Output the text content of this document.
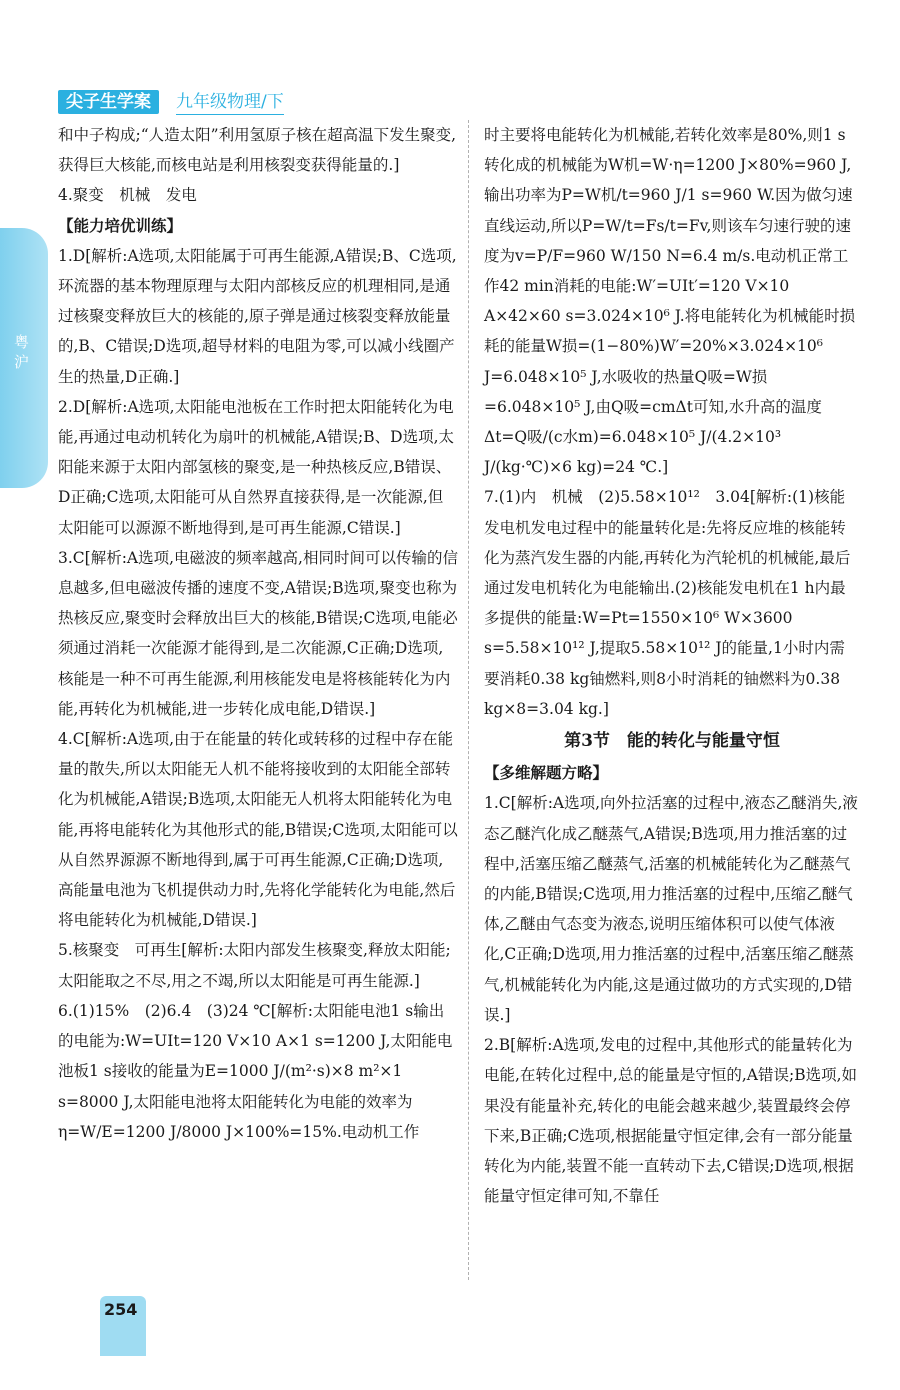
粤沪
尖子生学案	九年级物理/下

和中子构成;“人造太阳”利用氢原子核在超高温下发生聚变,获得巨大核能,而核电站是利用核裂变获得能量的.]

4.聚变　机械　发电

【能力培优训练】

1.D[解析:A选项,太阳能属于可再生能源,A错误;B、C选项,环流器的基本物理原理与太阳内部核反应的机理相同,是通过核聚变释放巨大的核能的,原子弹是通过核裂变释放能量的,B、C错误;D选项,超导材料的电阻为零,可以减小线圈产生的热量,D正确.]

2.D[解析:A选项,太阳能电池板在工作时把太阳能转化为电能,再通过电动机转化为扇叶的机械能,A错误;B、D选项,太阳能来源于太阳内部氢核的聚变,是一种热核反应,B错误、D正确;C选项,太阳能可从自然界直接获得,是一次能源,但太阳能可以源源不断地得到,是可再生能源,C错误.]

3.C[解析:A选项,电磁波的频率越高,相同时间可以传输的信息越多,但电磁波传播的速度不变,A错误;B选项,聚变也称为热核反应,聚变时会释放出巨大的核能,B错误;C选项,电能必须通过消耗一次能源才能得到,是二次能源,C正确;D选项,核能是一种不可再生能源,利用核能发电是将核能转化为内能,再转化为机械能,进一步转化成电能,D错误.]

4.C[解析:A选项,由于在能量的转化或转移的过程中存在能量的散失,所以太阳能无人机不能将接收到的太阳能全部转化为机械能,A错误;B选项,太阳能无人机将太阳能转化为电能,再将电能转化为其他形式的能,B错误;C选项,太阳能可以从自然界源源不断地得到,属于可再生能源,C正确;D选项,高能量电池为飞机提供动力时,先将化学能转化为电能,然后将电能转化为机械能,D错误.]

5.核聚变　可再生[解析:太阳内部发生核聚变,释放太阳能;太阳能取之不尽,用之不竭,所以太阳能是可再生能源.]

6.(1)15%　(2)6.4　(3)24 ℃[解析:太阳能电池1 s输出的电能为:W=UIt=120 V×10 A×1 s=1200 J,太阳能电池板1 s接收的能量为E=1000 J/(m²·s)×8 m²×1 s=8000 J,太阳能电池将太阳能转化为电能的效率为η=W/E=1200 J/8000 J×100%=15%.电动机工作

时主要将电能转化为机械能,若转化效率是80%,则1 s转化成的机械能为W机=W·η=1200 J×80%=960 J,输出功率为P=W机/t=960 J/1 s=960 W.因为做匀速直线运动,所以P=W/t=Fs/t=Fv,则该车匀速行驶的速度为v=P/F=960 W/150 N=6.4 m/s.电动机正常工作42 min消耗的电能:W′=UIt′=120 V×10 A×42×60 s=3.024×10⁶ J.将电能转化为机械能时损耗的能量W损=(1−80%)W′=20%×3.024×10⁶ J=6.048×10⁵ J,水吸收的热量Q吸=W损=6.048×10⁵ J,由Q吸=cmΔt可知,水升高的温度Δt=Q吸/(c水m)=6.048×10⁵ J/(4.2×10³ J/(kg·℃)×6 kg)=24 ℃.]

7.(1)内　机械　(2)5.58×10¹²　3.04[解析:(1)核能发电机发电过程中的能量转化是:先将反应堆的核能转化为蒸汽发生器的内能,再转化为汽轮机的机械能,最后通过发电机转化为电能输出.(2)核能发电机在1 h内最多提供的能量:W=Pt=1550×10⁶ W×3600 s=5.58×10¹² J,提取5.58×10¹² J的能量,1小时内需要消耗0.38 kg铀燃料,则8小时消耗的铀燃料为0.38 kg×8=3.04 kg.]

第3节　能的转化与能量守恒

【多维解题方略】

1.C[解析:A选项,向外拉活塞的过程中,液态乙醚消失,液态乙醚汽化成乙醚蒸气,A错误;B选项,用力推活塞的过程中,活塞压缩乙醚蒸气,活塞的机械能转化为乙醚蒸气的内能,B错误;C选项,用力推活塞的过程中,压缩乙醚气体,乙醚由气态变为液态,说明压缩体积可以使气体液化,C正确;D选项,用力推活塞的过程中,活塞压缩乙醚蒸气,机械能转化为内能,这是通过做功的方式实现的,D错误.]

2.B[解析:A选项,发电的过程中,其他形式的能量转化为电能,在转化过程中,总的能量是守恒的,A错误;B选项,如果没有能量补充,转化的电能会越来越少,装置最终会停下来,B正确;C选项,根据能量守恒定律,会有一部分能量转化为内能,装置不能一直转动下去,C错误;D选项,根据能量守恒定律可知,不靠任

254
